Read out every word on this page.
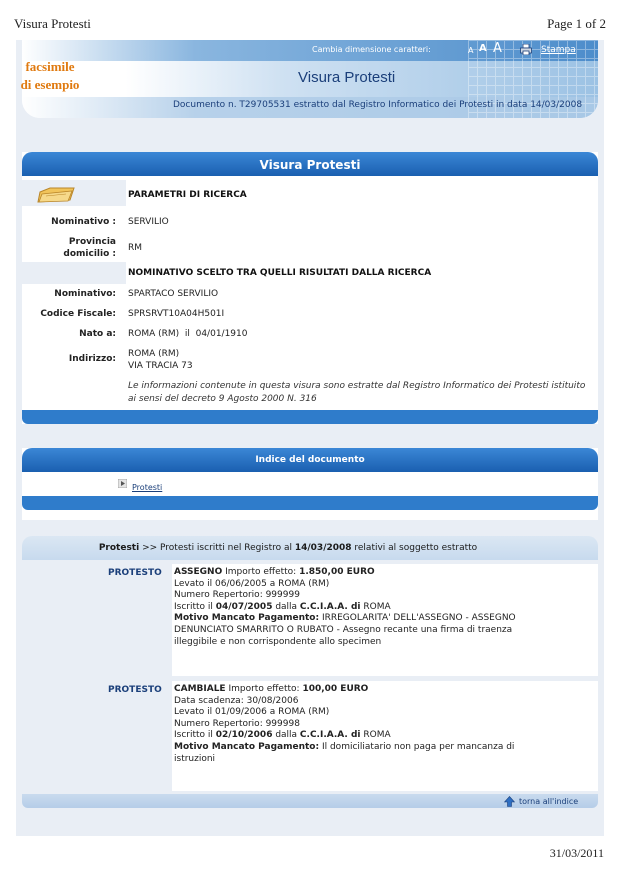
Visura Protesti	Page 1 of 2
facsimile
di esempio
Cambia dimensione caratteri:	A A A	Stampa
Visura Protesti
Documento n. T29705531 estratto dal Registro Informatico dei Protesti in data 14/03/2008
Visura Protesti
PARAMETRI DI RICERCA
Nominativo : SERVILIO
Provincia
domicilio :
RM
NOMINATIVO SCELTO TRA QUELLI RISULTATI DALLA RICERCA
Nominativo: SPARTACO SERVILIO
Codice Fiscale: SPRSRVT10A04H501I
Nato a: ROMA (RM)  il  04/01/1910
Indirizzo: ROMA (RM)
VIA TRACIA 73
Le informazioni contenute in questa visura sono estratte dal Registro Informatico dei Protesti istituito ai sensi del decreto 9 Agosto 2000 N. 316
Indice del documento
Protesti
Protesti >> Protesti iscritti nel Registro al 14/03/2008 relativi al soggetto estratto
PROTESTO ASSEGNO Importo effetto: 1.850,00 EURO
Levato il 06/06/2005 a ROMA (RM)
Numero Repertorio: 999999
Iscritto il 04/07/2005 dalla C.C.I.A.A. di ROMA
Motivo Mancato Pagamento: IRREGOLARITA' DELL'ASSEGNO - ASSEGNO DENUNCIATO SMARRITO O RUBATO - Assegno recante una firma di traenza illeggibile e non corrispondente allo specimen
PROTESTO CAMBIALE Importo effetto: 100,00 EURO
Data scadenza: 30/08/2006
Levato il 01/09/2006 a ROMA (RM)
Numero Repertorio: 999998
Iscritto il 02/10/2006 dalla C.C.I.A.A. di ROMA
Motivo Mancato Pagamento: Il domiciliatario non paga per mancanza di istruzioni
torna all'indice
31/03/2011
